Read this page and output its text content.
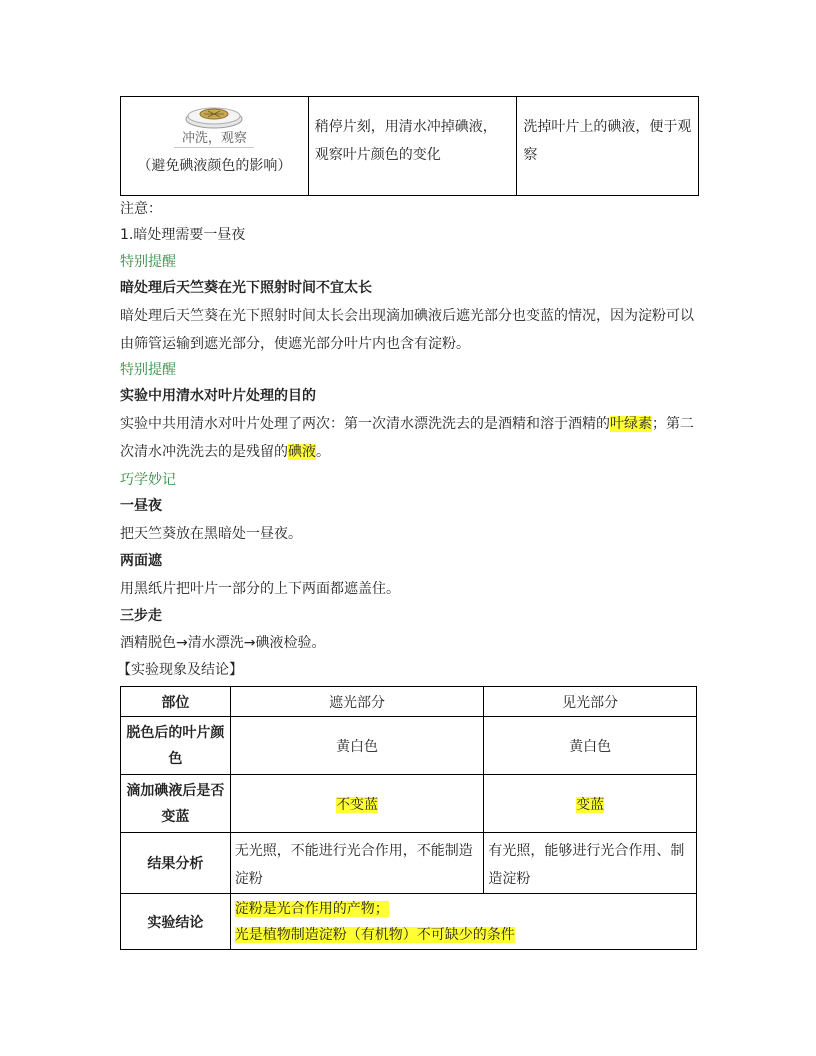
冲洗，观察
（避免碘液颜色的影响）
	稍停片刻，用清水冲掉碘液，观察叶片颜色的变化	洗掉叶片上的碘液，便于观察
注意：
1.暗处理需要一昼夜
特别提醒
暗处理后天竺葵在光下照射时间不宜太长
暗处理后天竺葵在光下照射时间太长会出现滴加碘液后遮光部分也变蓝的情况，因为淀粉可以由筛管运输到遮光部分，使遮光部分叶片内也含有淀粉。
特别提醒
实验中用清水对叶片处理的目的
实验中共用清水对叶片处理了两次：第一次清水漂洗洗去的是酒精和溶于酒精的叶绿素；第二次清水冲洗洗去的是残留的碘液。
巧学妙记
一昼夜
把天竺葵放在黑暗处一昼夜。
两面遮
用黑纸片把叶片一部分的上下两面都遮盖住。
三步走
酒精脱色→清水漂洗→碘液检验。
【实验现象及结论】
部位	遮光部分	见光部分
脱色后的叶片颜色	黄白色	黄白色
滴加碘液后是否变蓝	不变蓝	变蓝
结果分析	无光照，不能进行光合作用，不能制造淀粉	有光照，能够进行光合作用、制造淀粉
实验结论	淀粉是光合作用的产物；
光是植物制造淀粉（有机物）不可缺少的条件	
